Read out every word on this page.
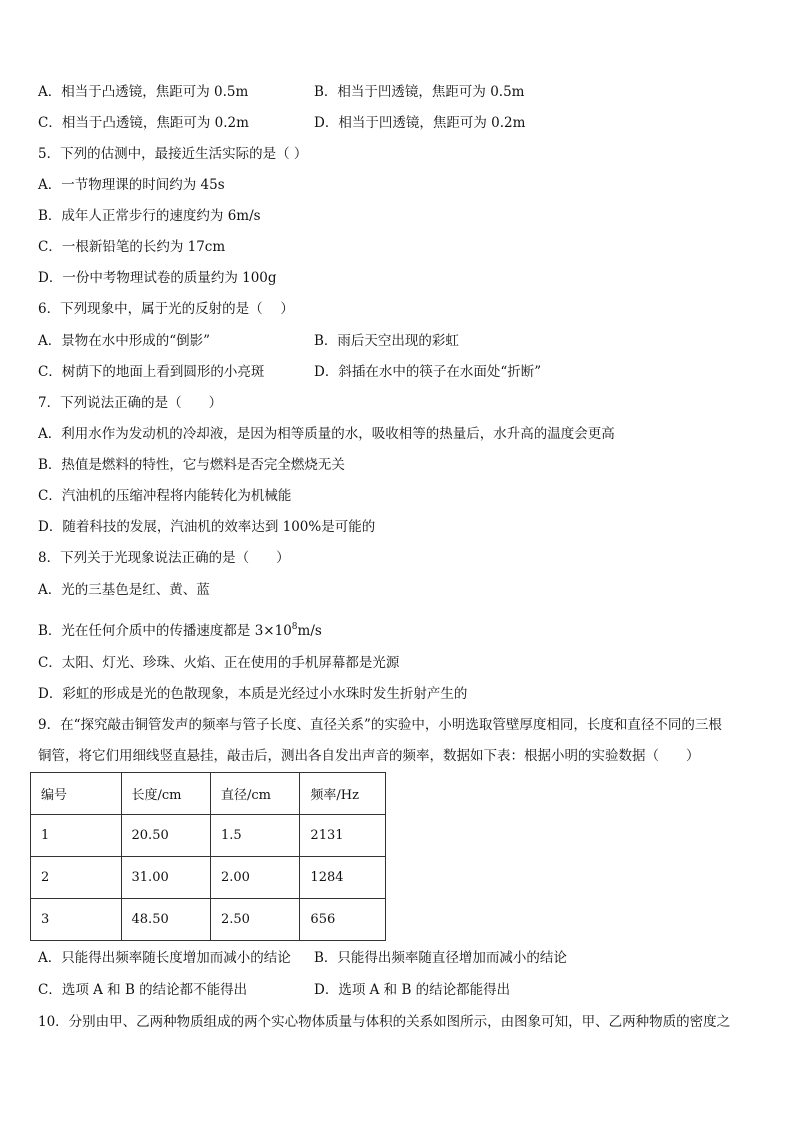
A．相当于凸透镜，焦距可为 0.5m	B．相当于凹透镜，焦距可为 0.5m
C．相当于凸透镜，焦距可为 0.2m	D．相当于凹透镜，焦距可为 0.2m
5．下列的估测中，最接近生活实际的是（ ）
A．一节物理课的时间约为 45s
B．成年人正常步行的速度约为 6m/s
C．一根新铅笔的长约为 17cm
D．一份中考物理试卷的质量约为 100g
6．下列现象中，属于光的反射的是（　 ）
A．景物在水中形成的“倒影”	B．雨后天空出现的彩虹
C．树荫下的地面上看到圆形的小亮斑	D．斜插在水中的筷子在水面处“折断”
7．下列说法正确的是（　　）
A．利用水作为发动机的冷却液，是因为相等质量的水，吸收相等的热量后，水升高的温度会更高
B．热值是燃料的特性，它与燃料是否完全燃烧无关
C．汽油机的压缩冲程将内能转化为机械能
D．随着科技的发展，汽油机的效率达到 100%是可能的
8．下列关于光现象说法正确的是（　　）
A．光的三基色是红、黄、蓝
B．光在任何介质中的传播速度都是 $3\times 10^8m/s$
C．太阳、灯光、珍珠、火焰、正在使用的手机屏幕都是光源
D．彩虹的形成是光的色散现象，本质是光经过小水珠时发生折射产生的
9．在“探究敲击铜管发声的频率与管子长度、直径关系”的实验中，小明选取管壁厚度相同，长度和直径不同的三根
铜管，将它们用细线竖直悬挂，敲击后，测出各自发出声音的频率，数据如下表：根据小明的实验数据（　　）
编号	长度/cm	直径/cm	频率/Hz
1	20.50	1.5	2131
2	31.00	2.00	1284
3	48.50	2.50	656
A．只能得出频率随长度增加而减小的结论 B．只能得出频率随直径增加而减小的结论
C．选项 A 和 B 的结论都不能得出	D．选项 A 和 B 的结论都能得出
10．分别由甲、乙两种物质组成的两个实心物体质量与体积的关系如图所示，由图象可知，甲、乙两种物质的密度之
